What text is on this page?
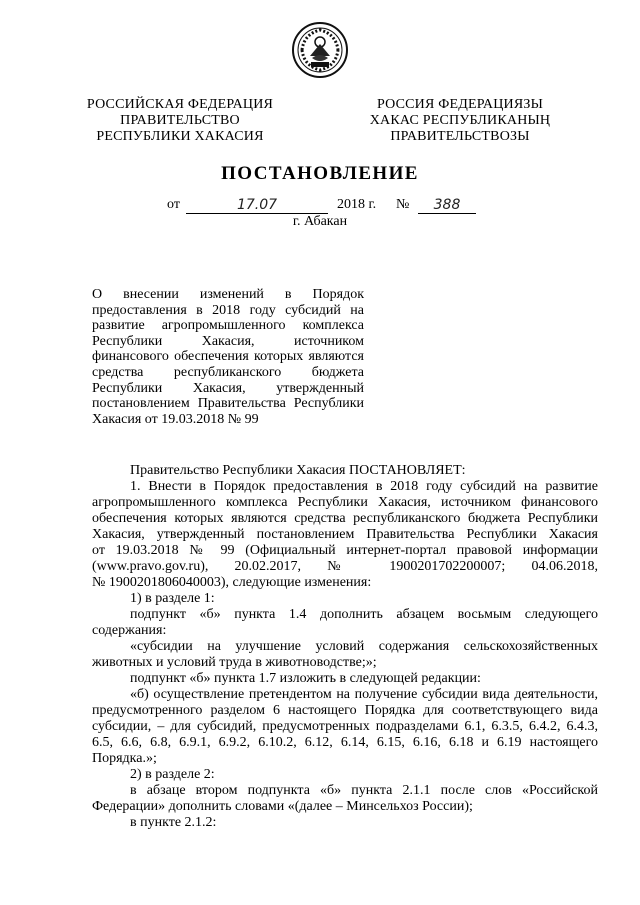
РОССИЙСКАЯ ФЕДЕРАЦИЯ
ПРАВИТЕЛЬСТВО
РЕСПУБЛИКИ ХАКАСИЯ
РОССИЯ ФЕДЕРАЦИЯЗЫ
ХАКАС РЕСПУБЛИКАНЫҢ
ПРАВИТЕЛЬСТВОЗЫ
ПОСТАНОВЛЕНИЕ
от	17.07	2018 г. №	388
г. Абакан
О внесении изменений в Порядок
предоставления в 2018 году субсидий на
развитие агропромышленного комплекса
Республики Хакасия, источником
финансового обеспечения которых являются
средства республиканского бюджета
Республики Хакасия, утвержденный
постановлением Правительства Республики
Хакасия от 19.03.2018 № 99
Правительство Республики Хакасия ПОСТАНОВЛЯЕТ:
1. Внести в Порядок предоставления в 2018 году субсидий на развитие
агропромышленного комплекса Республики Хакасия, источником финансового
обеспечения которых являются средства республиканского бюджета Республики
Хакасия, утвержденный постановлением Правительства Республики Хакасия
от 19.03.2018 № 99 (Официальный интернет-портал правовой информации
(www.pravo.gov.ru), 20.02.2017, № 1900201702200007; 04.06.2018,
№ 1900201806040003), следующие изменения:
1) в разделе 1:
подпункт «б» пункта 1.4 дополнить абзацем восьмым следующего
содержания:
«субсидии на улучшение условий содержания сельскохозяйственных
животных и условий труда в животноводстве;»;
подпункт «б» пункта 1.7 изложить в следующей редакции:
«б) осуществление претендентом на получение субсидии вида деятельности,
предусмотренного разделом 6 настоящего Порядка для соответствующего вида
субсидии, – для субсидий, предусмотренных подразделами 6.1, 6.3.5, 6.4.2, 6.4.3,
6.5, 6.6, 6.8, 6.9.1, 6.9.2, 6.10.2, 6.12, 6.14, 6.15, 6.16, 6.18 и 6.19 настоящего
Порядка.»;
2) в разделе 2:
в абзаце втором подпункта «б» пункта 2.1.1 после слов «Российской
Федерации» дополнить словами «(далее – Минсельхоз России);
в пункте 2.1.2:
